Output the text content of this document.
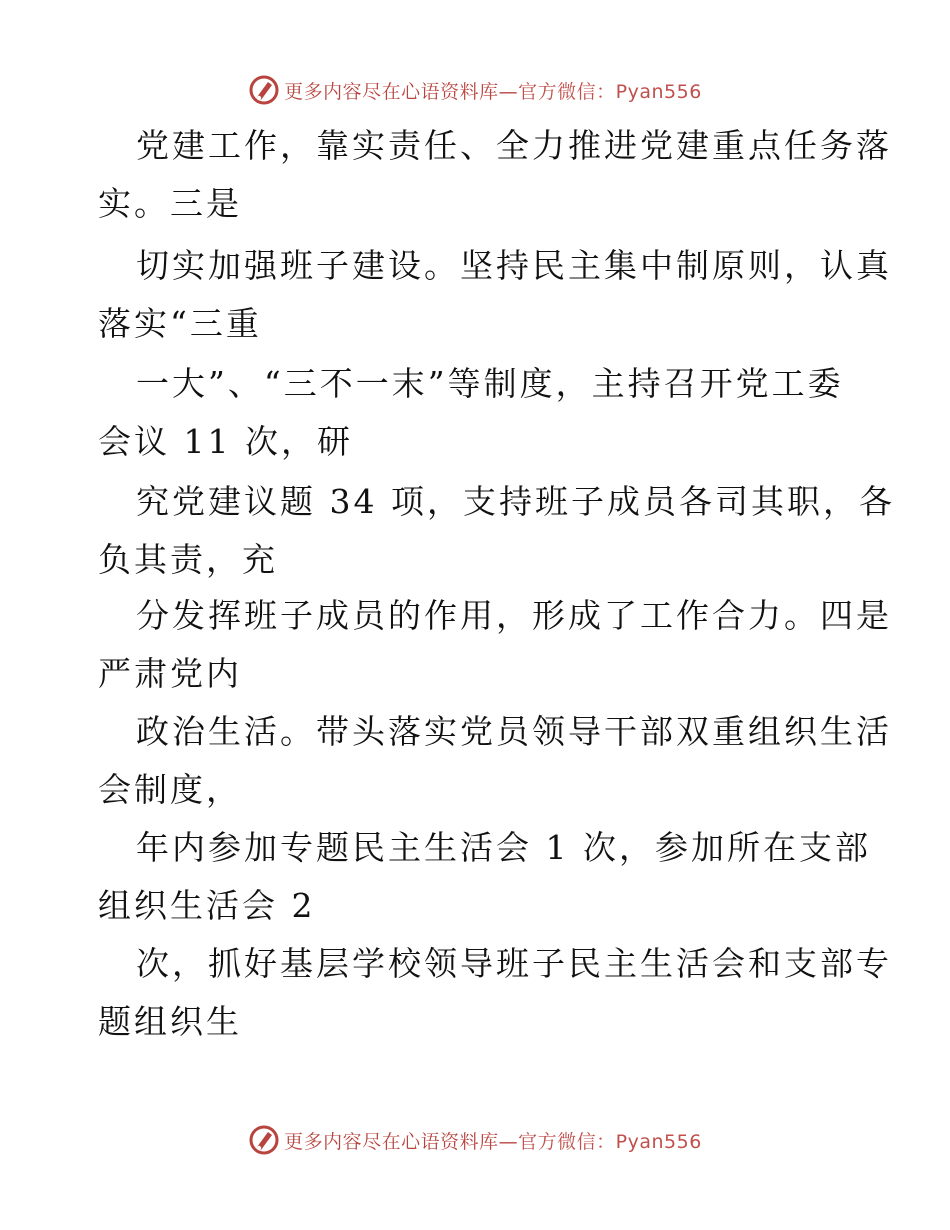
更多内容尽在心语资料库—官方微信：Pyan556
党建工作，靠实责任、全力推进党建重点任务落
实。三是
切实加强班子建设。坚持民主集中制原则，认真
落实“三重
一大”、“三不一末”等制度，主持召开党工委
会议 11 次，研
究党建议题 34 项，支持班子成员各司其职，各
负其责，充
分发挥班子成员的作用，形成了工作合力。四是
严肃党内
政治生活。带头落实党员领导干部双重组织生活
会制度，
年内参加专题民主生活会 1 次，参加所在支部
组织生活会 2
次，抓好基层学校领导班子民主生活会和支部专
题组织生
更多内容尽在心语资料库—官方微信：Pyan556
